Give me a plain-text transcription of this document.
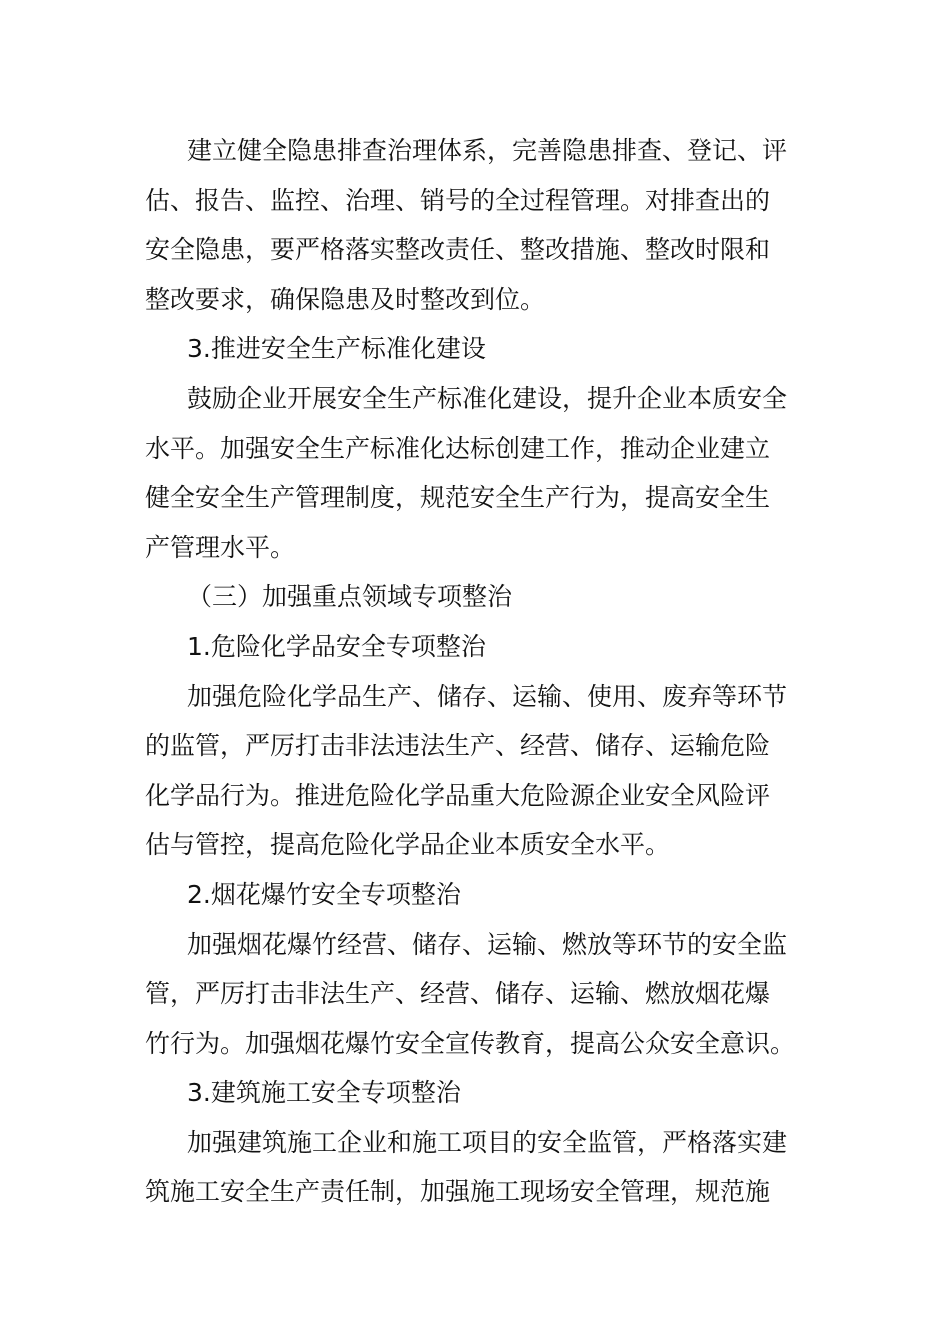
建立健全隐患排查治理体系，完善隐患排查、登记、评
估、报告、监控、治理、销号的全过程管理。对排查出的
安全隐患，要严格落实整改责任、整改措施、整改时限和
整改要求，确保隐患及时整改到位。
3.推进安全生产标准化建设
鼓励企业开展安全生产标准化建设，提升企业本质安全
水平。加强安全生产标准化达标创建工作，推动企业建立
健全安全生产管理制度，规范安全生产行为，提高安全生
产管理水平。
（三）加强重点领域专项整治
1.危险化学品安全专项整治
加强危险化学品生产、储存、运输、使用、废弃等环节
的监管，严厉打击非法违法生产、经营、储存、运输危险
化学品行为。推进危险化学品重大危险源企业安全风险评
估与管控，提高危险化学品企业本质安全水平。
2.烟花爆竹安全专项整治
加强烟花爆竹经营、储存、运输、燃放等环节的安全监
管，严厉打击非法生产、经营、储存、运输、燃放烟花爆
竹行为。加强烟花爆竹安全宣传教育，提高公众安全意识。
3.建筑施工安全专项整治
加强建筑施工企业和施工项目的安全监管，严格落实建
筑施工安全生产责任制，加强施工现场安全管理，规范施
